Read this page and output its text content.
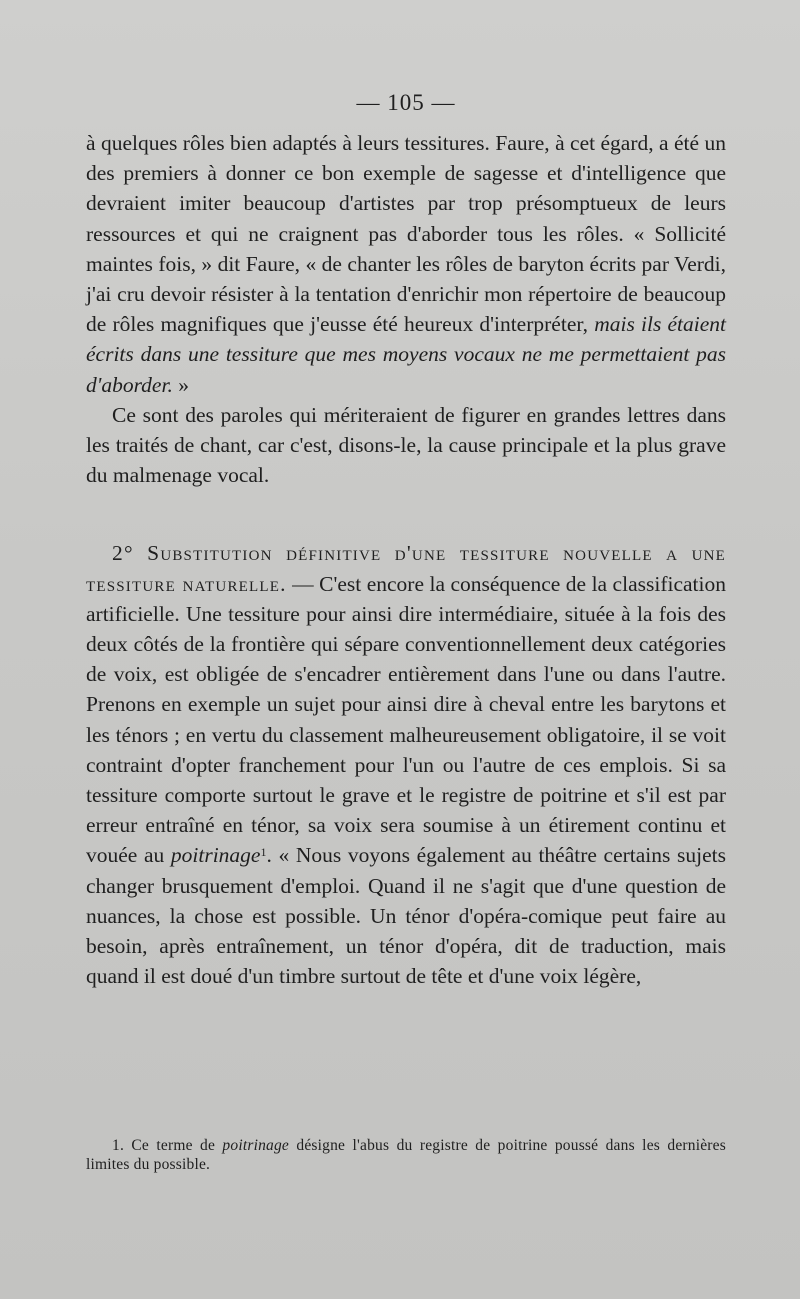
— 105 —

à quelques rôles bien adaptés à leurs tessitures. Faure, à cet égard, a été un des premiers à donner ce bon exemple de sagesse et d'intelligence que devraient imiter beaucoup d'artistes par trop présomptueux de leurs ressources et qui ne craignent pas d'aborder tous les rôles. « Sollicité maintes fois, » dit Faure, « de chanter les rôles de baryton écrits par Verdi, j'ai cru devoir résister à la tentation d'enrichir mon répertoire de beaucoup de rôles magnifiques que j'eusse été heureux d'interpréter, mais ils étaient écrits dans une tessiture que mes moyens vocaux ne me permettaient pas d'aborder. »

Ce sont des paroles qui mériteraient de figurer en grandes lettres dans les traités de chant, car c'est, disons-le, la cause principale et la plus grave du malmenage vocal.

2° Substitution définitive d'une tessiture nouvelle a une tessiture naturelle. — C'est encore la conséquence de la classification artificielle. Une tessiture pour ainsi dire intermédiaire, située à la fois des deux côtés de la frontière qui sépare conventionnellement deux catégories de voix, est obligée de s'encadrer entièrement dans l'une ou dans l'autre. Prenons en exemple un sujet pour ainsi dire à cheval entre les barytons et les ténors ; en vertu du classement malheureusement obligatoire, il se voit contraint d'opter franchement pour l'un ou l'autre de ces emplois. Si sa tessiture comporte surtout le grave et le registre de poitrine et s'il est par erreur entraîné en ténor, sa voix sera soumise à un étirement continu et vouée au poitrinage$^1$. « Nous voyons également au théâtre certains sujets changer brusquement d'emploi. Quand il ne s'agit que d'une question de nuances, la chose est possible. Un ténor d'opéra-comique peut faire au besoin, après entraînement, un ténor d'opéra, dit de traduction, mais quand il est doué d'un timbre surtout de tête et d'une voix légère,

1. Ce terme de poitrinage désigne l'abus du registre de poitrine poussé dans les dernières limites du possible.
